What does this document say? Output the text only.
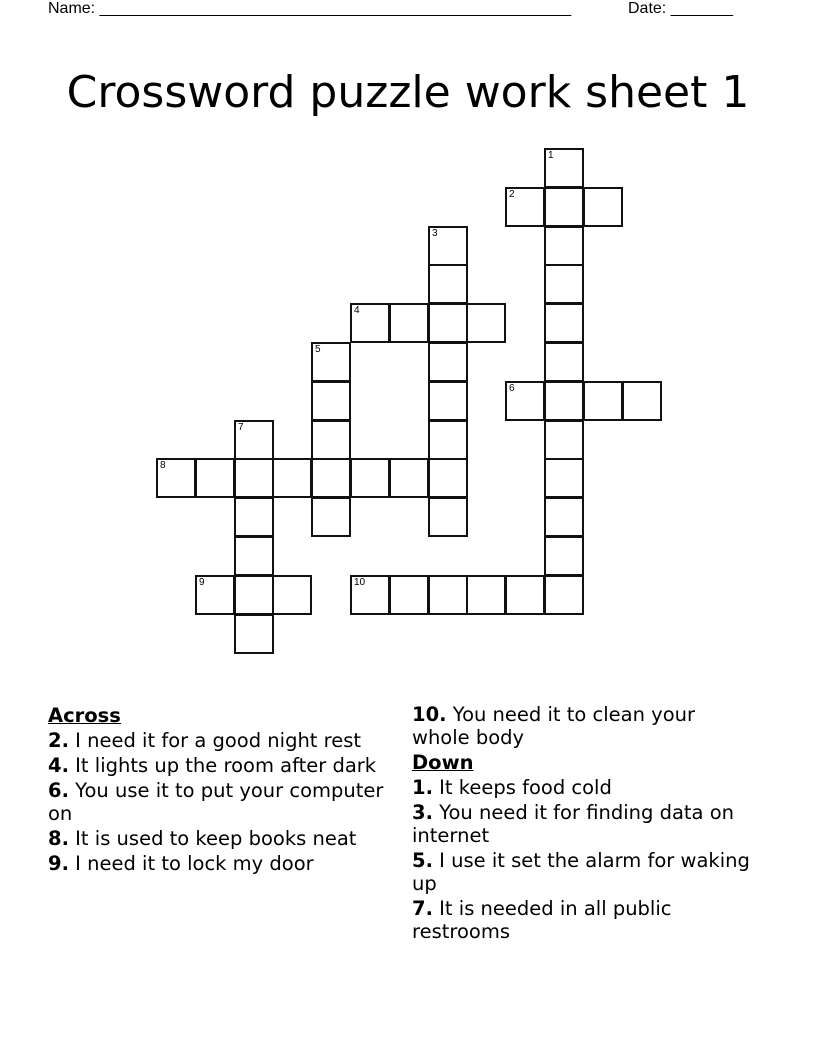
Name: _____________________________________________________	Date: _______
Crossword puzzle work sheet 1
1
2
3
4
5
6
7
8
9	10
Across
2. I need it for a good night rest
4. It lights up the room after dark
6. You use it to put your computer on
8. It is used to keep books neat
9. I need it to lock my door
10. You need it to clean your whole body
Down
1. It keeps food cold
3. You need it for finding data on internet
5. I use it set the alarm for waking up
7. It is needed in all public restrooms
